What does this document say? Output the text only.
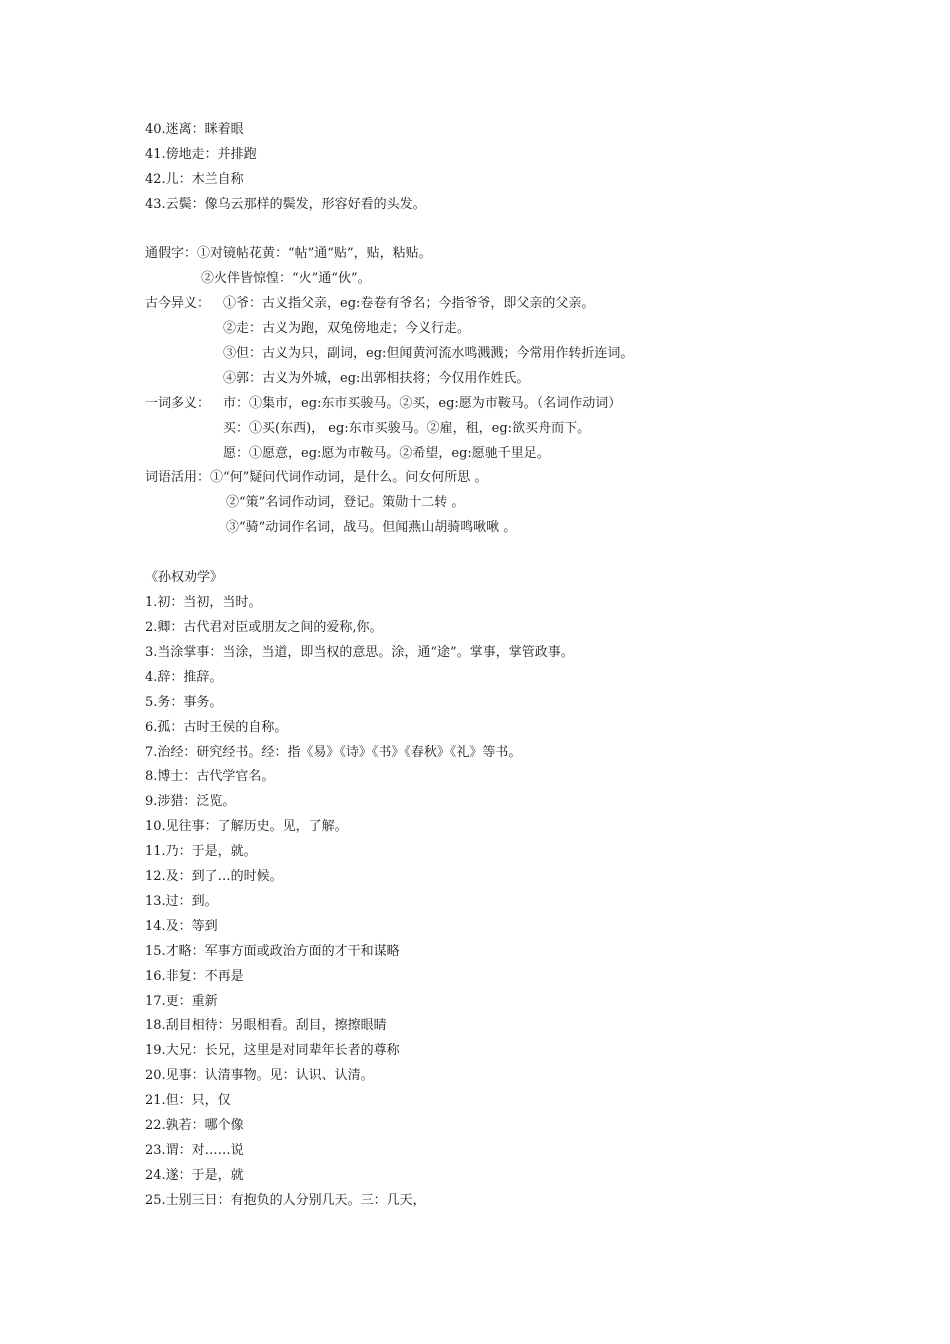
40.迷离：眯着眼
41.傍地走：并排跑
42.儿：木兰自称
43.云鬓：像乌云那样的鬓发，形容好看的头发。
通假字：①对镜帖花黄：“帖”通“贴”，贴，粘贴。
②火伴皆惊惶：“火”通“伙”。
古今异义： ①爷：古义指父亲，eg:卷卷有爷名；今指爷爷，即父亲的父亲。
②走：古义为跑，双兔傍地走；今义行走。
③但：古义为只，副词，eg:但闻黄河流水鸣溅溅；今常用作转折连词。
④郭：古义为外城，eg:出郭相扶将；今仅用作姓氏。
一词多义： 市：①集市，eg:东市买骏马。②买，eg:愿为市鞍马。（名词作动词）
买：①买(东西)， eg:东市买骏马。②雇，租，eg:欲买舟而下。
愿：①愿意，eg:愿为市鞍马。②希望，eg:愿驰千里足。
词语活用：①“何”疑问代词作动词，是什么。问女何所思 。
②“策”名词作动词，登记。策勋十二转 。
③“骑”动词作名词，战马。但闻燕山胡骑鸣啾啾 。
《孙权劝学》
1.初：当初，当时。
2.卿：古代君对臣或朋友之间的爱称,你。
3.当涂掌事：当涂，当道，即当权的意思。涂，通“途”。掌事，掌管政事。
4.辞：推辞。
5.务：事务。
6.孤：古时王侯的自称。
7.治经：研究经书。经：指《易》《诗》《书》《春秋》《礼》等书。
8.博士：古代学官名。
9.涉猎：泛览。
10.见往事：了解历史。见，了解。
11.乃：于是，就。
12.及：到了…的时候。
13.过：到。
14.及：等到
15.才略：军事方面或政治方面的才干和谋略
16.非复：不再是
17.更：重新
18.刮目相待：另眼相看。刮目，擦擦眼睛
19.大兄：长兄，这里是对同辈年长者的尊称
20.见事：认清事物。见：认识、认清。
21.但：只，仅
22.孰若：哪个像
23.谓：对……说
24.遂：于是，就
25.士别三日：有抱负的人分别几天。三：几天，
